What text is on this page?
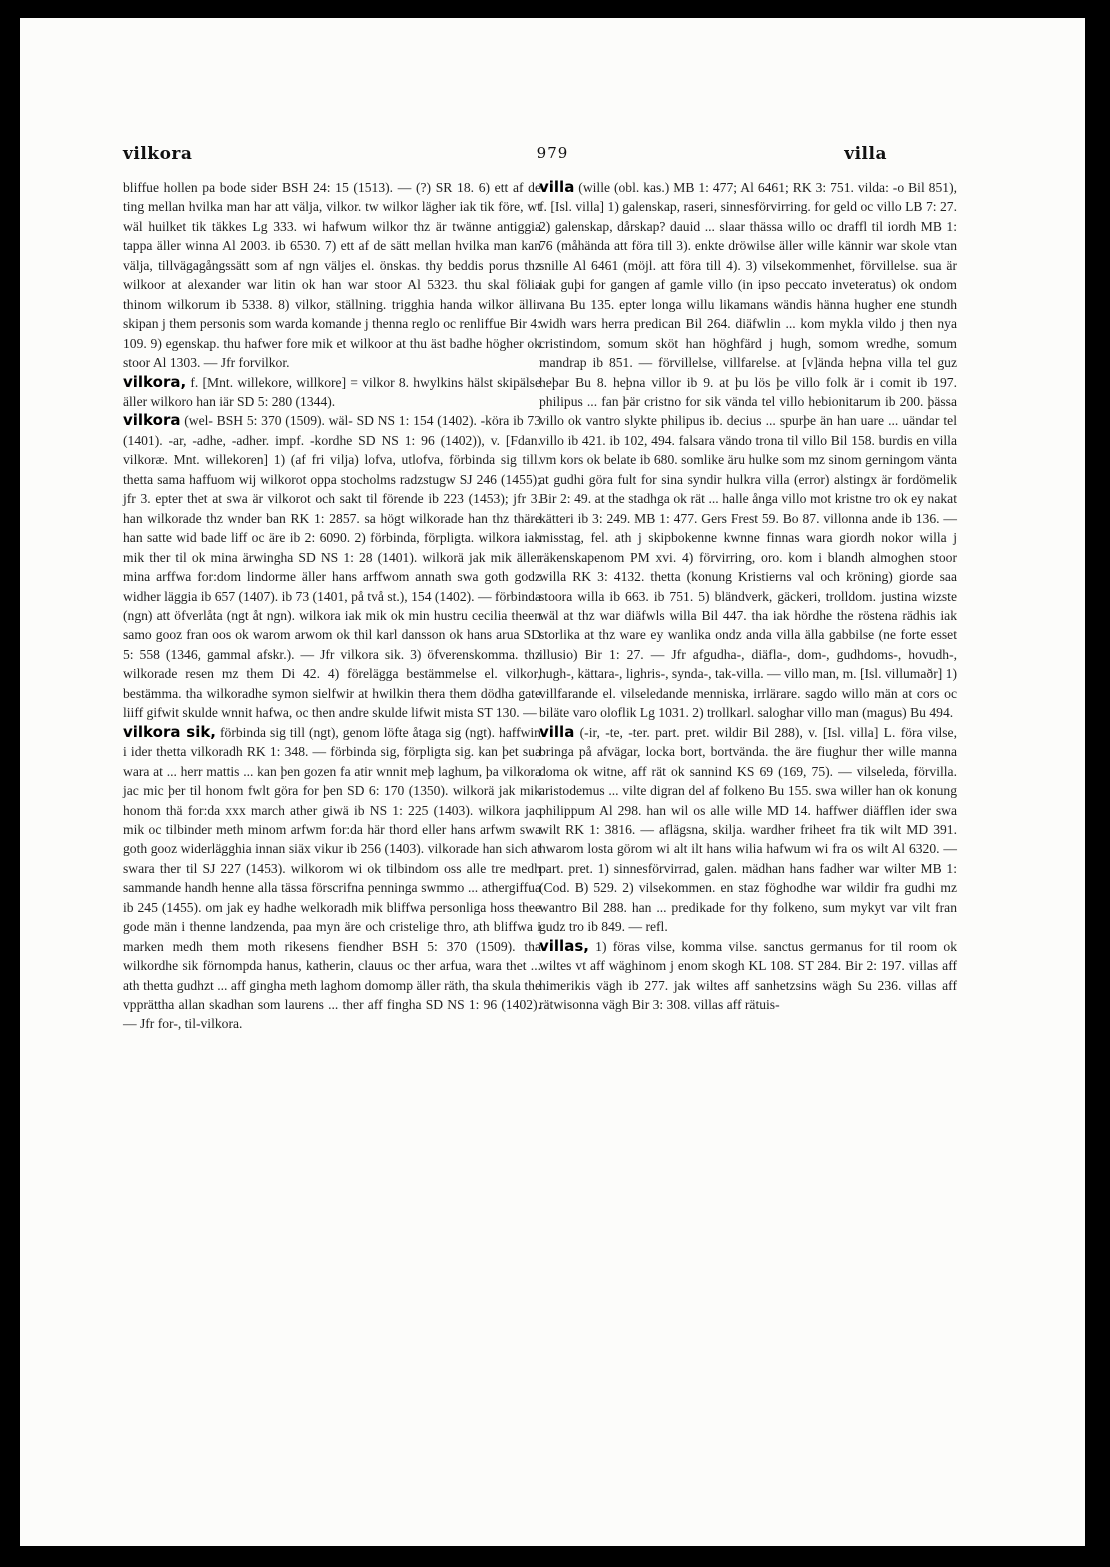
vilkora	979	villa

bliffue hollen pa bode sider BSH 24: 15 (1513). — (?) SR 18. 6) ett af de ting mellan hvilka man har att välja, vilkor. tw wilkor lägher iak tik före, wt wäl huilket tik täkkes Lg 333. wi hafwum wilkor thz är twänne antiggia tappa äller winna Al 2003. ib 6530. 7) ett af de sätt mellan hvilka man kan välja, tillvägagångssätt som af ngn väljes el. önskas. thy beddis porus thz wilkoor at alexander war litin ok han war stoor Al 5323. thu skal fölia thinom wilkorum ib 5338. 8) vilkor, ställning. trigghia handa wilkor ällir skipan j them personis som warda komande j thenna reglo oc renliffue Bir 4: 109. 9) egenskap. thu hafwer fore mik et wilkoor at thu äst badhe högher ok stoor Al 1303. — Jfr forvilkor.

vilkora, f. [Mnt. willekore, willkore] = vilkor 8. hwylkins hälst skipälse äller wilkoro han iär SD 5: 280 (1344).

vilkora (wel- BSH 5: 370 (1509). wäl- SD NS 1: 154 (1402). -köra ib 73 (1401). -ar, -adhe, -adher. impf. -kordhe SD NS 1: 96 (1402)), v. [Fdan. vilkoræ. Mnt. willekoren] 1) (af fri vilja) lofva, utlofva, förbinda sig till. thetta sama haffuom wij wilkorot oppa stocholms radzstugw SJ 246 (1455); jfr 3. epter thet at swa är vilkorot och sakt til förende ib 223 (1453); jfr 3. han wilkorade thz wnder ban RK 1: 2857. sa högt wilkorade han thz thäre han satte wid bade liff oc äre ib 2: 6090. 2) förbinda, förpligta. wilkora iak mik ther til ok mina ärwingha SD NS 1: 28 (1401). wilkorä jak mik äller mina arffwa for:dom lindorme äller hans arffwom annath swa goth godz widher läggia ib 657 (1407). ib 73 (1401, på två st.), 154 (1402). — förbinda (ngn) att öfverlåta (ngt åt ngn). wilkora iak mik ok min hustru cecilia theen samo gooz fran oos ok warom arwom ok thil karl dansson ok hans arua SD 5: 558 (1346, gammal afskr.). — Jfr vilkora sik. 3) öfverenskomma. thz wilkorade resen mz them Di 42. 4) förelägga bestämmelse el. vilkor, bestämma. tha wilkoradhe symon sielfwir at hwilkin thera them dödha gate liiff gifwit skulde wnnit hafwa, oc then andre skulde lifwit mista ST 130. —

vilkora sik, förbinda sig till (ngt), genom löfte åtaga sig (ngt). haffwin i ider thetta vilkoradh RK 1: 348. — förbinda sig, förpligta sig. kan þet sua wara at ... herr mattis ... kan þen gozen fa atir wnnit meþ laghum, þa vilkora jac mic þer til honom fwlt göra for þen SD 6: 170 (1350). wilkorä jak mik honom thä for:da xxx march ather giwä ib NS 1: 225 (1403). wilkora jac mik oc tilbinder meth minom arfwm for:da här thord eller hans arfwm swa goth gooz widerlägghia innan siäx vikur ib 256 (1403). vilkorade han sich at swara ther til SJ 227 (1453). wilkorom wi ok tilbindom oss alle tre medh sammande handh henne alla tässa förscrifna penninga swmmo ... athergiffua ib 245 (1455). om jak ey hadhe welkoradh mik bliffwa personliga hoss thee gode män i thenne landzenda, paa myn äre och cristelige thro, ath bliffwa i marken medh them moth rikesens fiendher BSH 5: 370 (1509). tha wilkordhe sik förnompda hanus, katherin, clauus oc ther arfua, wara thet ... ath thetta gudhzt ... aff gingha meth laghom domomp äller räth, tha skula the vpprättha allan skadhan som laurens ... ther aff fingha SD NS 1: 96 (1402). — Jfr for-, til-vilkora.

villa (wille (obl. kas.) MB 1: 477; Al 6461; RK 3: 751. vilda: -o Bil 851), f. [Isl. villa] 1) galenskap, raseri, sinnesförvirring. for geld oc villo LB 7: 27. 2) galenskap, dårskap? dauid ... slaar thässa willo oc draffl til iordh MB 1: 76 (måhända att föra till 3). enkte dröwilse äller wille kännir war skole vtan snille Al 6461 (möjl. att föra till 4). 3) vilsekommenhet, förvillelse. sua är iak guþi for gangen af gamle villo (in ipso peccato inveteratus) ok ondom vana Bu 135. epter longa willu likamans wändis hänna hugher ene stundh widh wars herra predican Bil 264. diäfwlin ... kom mykla vildo j then nya cristindom, somum sköt han höghfärd j hugh, somom wredhe, somum mandrap ib 851. — förvillelse, villfarelse. at [v]ända heþna villa tel guz heþar Bu 8. heþna villor ib 9. at þu lös þe villo folk är i comit ib 197. philipus ... fan þär cristno for sik vända tel villo hebionitarum ib 200. þässa villo ok vantro slykte philipus ib. decius ... spurþe än han uare ... uändar tel villo ib 421. ib 102, 494. falsara vändo trona til villo Bil 158. burdis en villa vm kors ok belate ib 680. somlike äru hulke som mz sinom gerningom vänta at gudhi göra fult for sina syndir hulkra villa (error) alstingx är fordömelik Bir 2: 49. at the stadhga ok rät ... halle ånga villo mot kristne tro ok ey nakat kätteri ib 3: 249. MB 1: 477. Gers Frest 59. Bo 87. villonna ande ib 136. — misstag, fel. ath j skipbokenne kwnne finnas wara giordh nokor willa j räkenskapenom PM xvi. 4) förvirring, oro. kom i blandh almoghen stoor willa RK 3: 4132. thetta (konung Kristierns val och kröning) giorde saa stoora willa ib 663. ib 751. 5) bländverk, gäckeri, trolldom. justina wizste wäl at thz war diäfwls willa Bil 447. tha iak hördhe the röstena rädhis iak storlika at thz ware ey wanlika ondz anda villa älla gabbilse (ne forte esset illusio) Bir 1: 27. — Jfr afgudha-, diäfla-, dom-, gudhdoms-, hovudh-, hugh-, kättara-, lighris-, synda-, tak-villa. — villo man, m. [Isl. villumaðr] 1) villfarande el. vilseledande menniska, irrlärare. sagdo willo män at cors oc biläte varo oloflik Lg 1031. 2) trollkarl. saloghar villo man (magus) Bu 494.

villa (-ir, -te, -ter. part. pret. wildir Bil 288), v. [Isl. villa] L. föra vilse, bringa på afvägar, locka bort, bortvända. the äre fiughur ther wille manna doma ok witne, aff rät ok sannind KS 69 (169, 75). — vilseleda, förvilla. aristodemus ... vilte digran del af folkeno Bu 155. swa willer han ok konung philippum Al 298. han wil os alle wille MD 14. haffwer diäfflen ider swa wilt RK 1: 3816. — aflägsna, skilja. wardher friheet fra tik wilt MD 391. hwarom losta görom wi alt ilt hans wilia hafwum wi fra os wilt Al 6320. — part. pret. 1) sinnesförvirrad, galen. mädhan hans fadher war wilter MB 1: (Cod. B) 529. 2) vilsekommen. en staz föghodhe war wildir fra gudhi mz wantro Bil 288. han ... predikade for thy folkeno, sum mykyt var vilt fran gudz tro ib 849. — refl.

villas, 1) föras vilse, komma vilse. sanctus germanus for til room ok wiltes vt aff wäghinom j enom skogh KL 108. ST 284. Bir 2: 197. villas aff himerikis vägh ib 277. jak wiltes aff sanhetzsins wägh Su 236. villas aff rätwisonna vägh Bir 3: 308. villas aff rätuis-
